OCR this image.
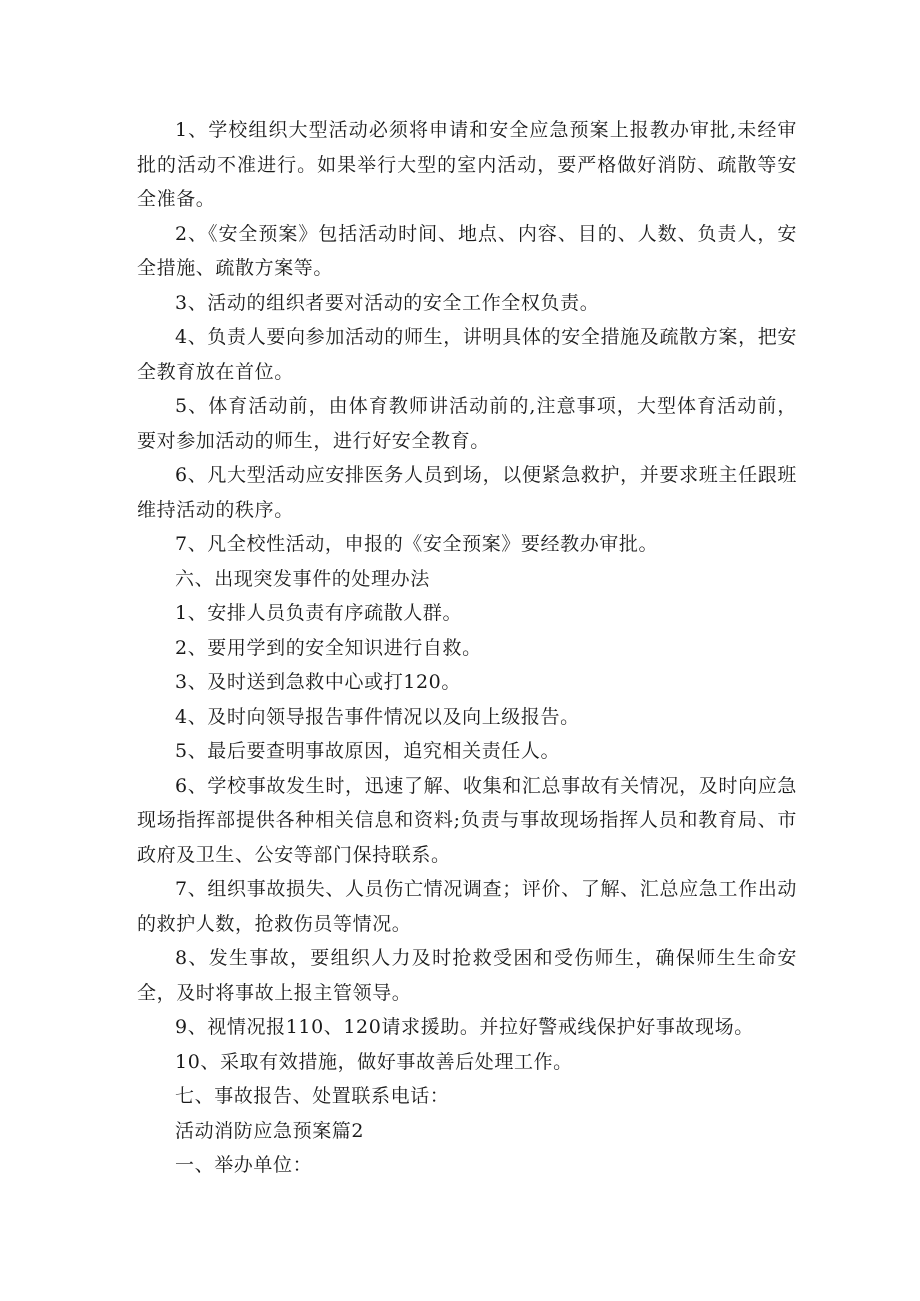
1、学校组织大型活动必须将申请和安全应急预案上报教办审批,未经审批的活动不准进行。如果举行大型的室内活动，要严格做好消防、疏散等安全准备。

2、《安全预案》包括活动时间、地点、内容、目的、人数、负责人，安全措施、疏散方案等。

3、活动的组织者要对活动的安全工作全权负责。

4、负责人要向参加活动的师生，讲明具体的安全措施及疏散方案，把安全教育放在首位。

5、体育活动前，由体育教师讲活动前的,注意事项，大型体育活动前，要对参加活动的师生，进行好安全教育。

6、凡大型活动应安排医务人员到场，以便紧急救护，并要求班主任跟班维持活动的秩序。

7、凡全校性活动，申报的《安全预案》要经教办审批。

六、出现突发事件的处理办法

1、安排人员负责有序疏散人群。

2、要用学到的安全知识进行自救。

3、及时送到急救中心或打120。

4、及时向领导报告事件情况以及向上级报告。

5、最后要查明事故原因，追究相关责任人。

6、学校事故发生时，迅速了解、收集和汇总事故有关情况，及时向应急现场指挥部提供各种相关信息和资料;负责与事故现场指挥人员和教育局、市政府及卫生、公安等部门保持联系。

7、组织事故损失、人员伤亡情况调查；评价、了解、汇总应急工作出动的救护人数，抢救伤员等情况。

8、发生事故，要组织人力及时抢救受困和受伤师生，确保师生生命安全，及时将事故上报主管领导。

9、视情况报110、120请求援助。并拉好警戒线保护好事故现场。

10、采取有效措施，做好事故善后处理工作。

七、事故报告、处置联系电话：

活动消防应急预案篇2

一、举办单位：
